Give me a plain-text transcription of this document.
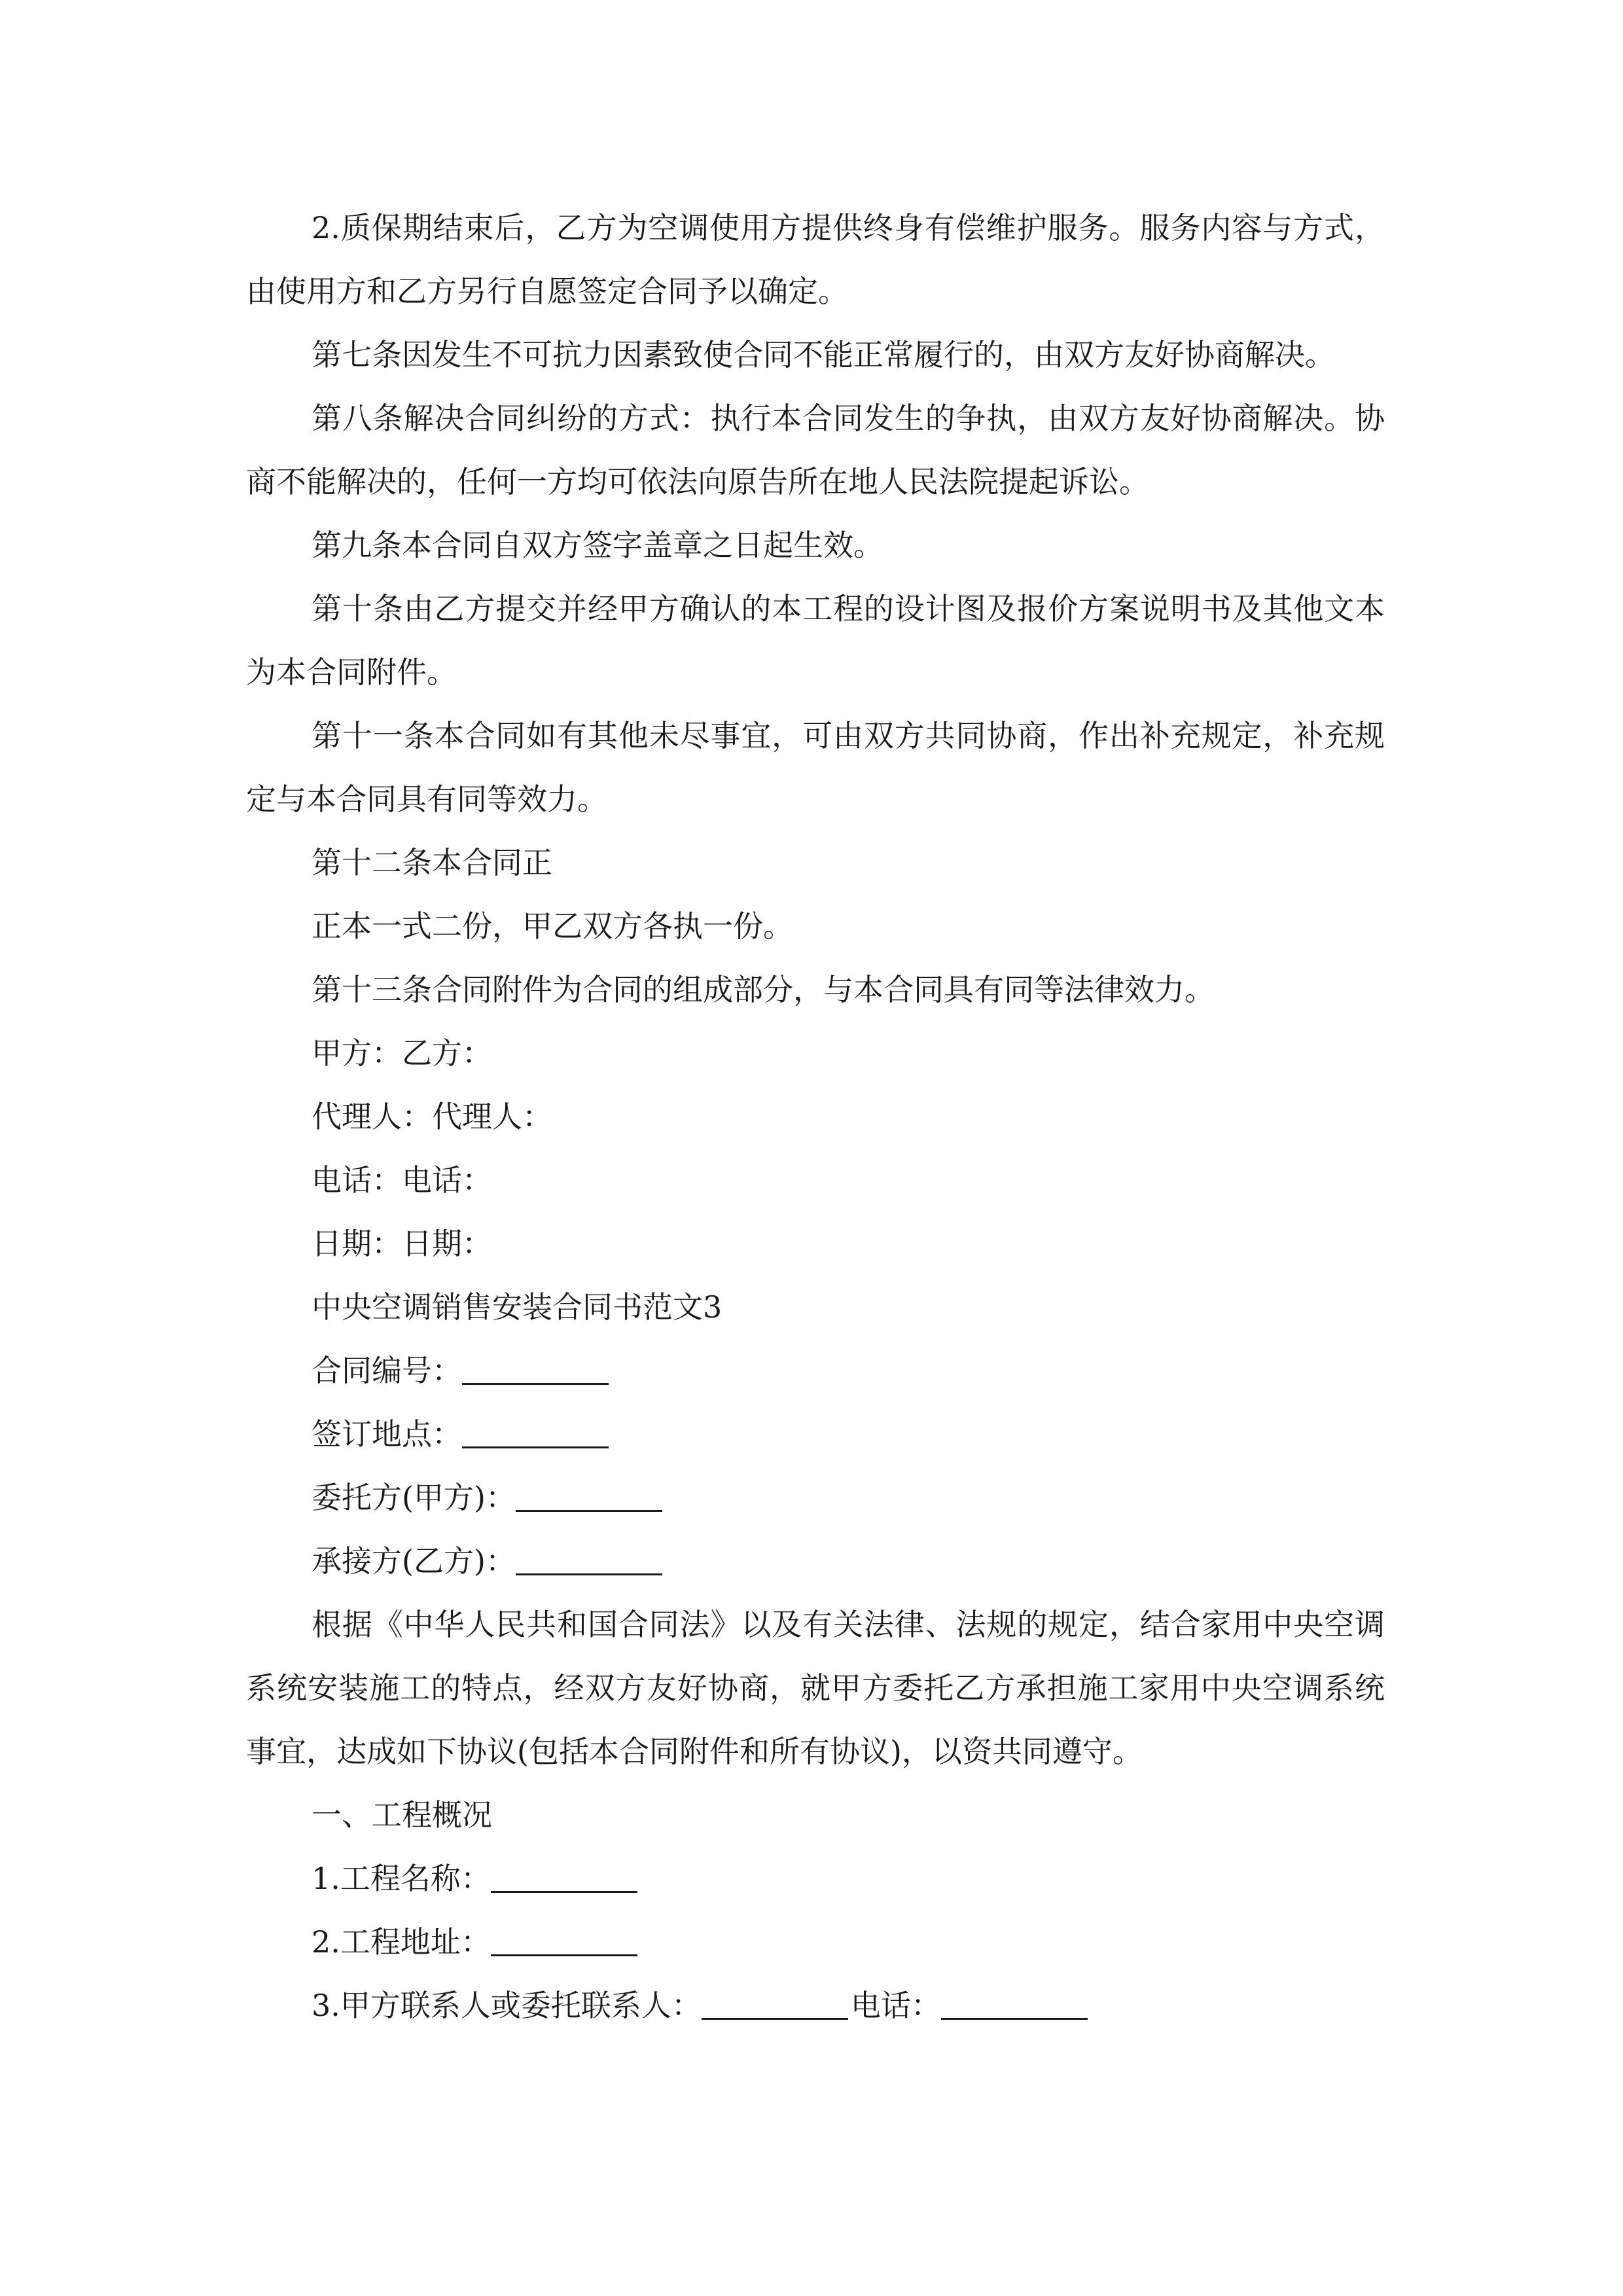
2.质保期结束后，乙方为空调使用方提供终身有偿维护服务。服务内容与方式，由使用方和乙方另行自愿签定合同予以确定。

第七条因发生不可抗力因素致使合同不能正常履行的，由双方友好协商解决。

第八条解决合同纠纷的方式：执行本合同发生的争执，由双方友好协商解决。协商不能解决的，任何一方均可依法向原告所在地人民法院提起诉讼。

第九条本合同自双方签字盖章之日起生效。

第十条由乙方提交并经甲方确认的本工程的设计图及报价方案说明书及其他文本为本合同附件。

第十一条本合同如有其他未尽事宜，可由双方共同协商，作出补充规定，补充规定与本合同具有同等效力。

第十二条本合同正

正本一式二份，甲乙双方各执一份。

第十三条合同附件为合同的组成部分，与本合同具有同等法律效力。

甲方：乙方：

代理人：代理人：

电话：电话：

日期：日期：

中央空调销售安装合同书范文3

合同编号：

签订地点：

委托方(甲方)：

承接方(乙方)：

根据《中华人民共和国合同法》以及有关法律、法规的规定，结合家用中央空调系统安装施工的特点，经双方友好协商，就甲方委托乙方承担施工家用中央空调系统事宜，达成如下协议(包括本合同附件和所有协议)，以资共同遵守。

一、工程概况

1.工程名称：

2.工程地址：

3.甲方联系人或委托联系人：	电话：
